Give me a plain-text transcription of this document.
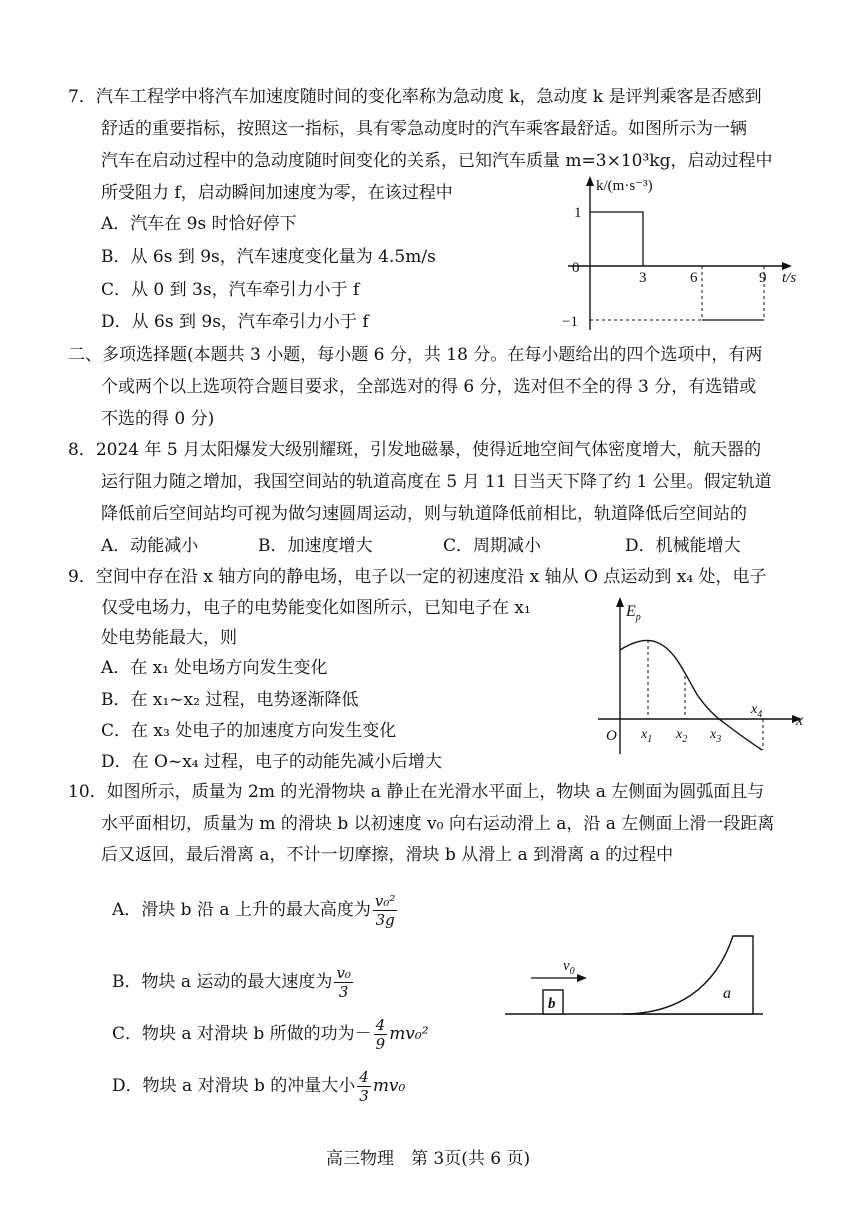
7．汽车工程学中将汽车加速度随时间的变化率称为急动度 k，急动度 k 是评判乘客是否感到
舒适的重要指标，按照这一指标，具有零急动度时的汽车乘客最舒适。如图所示为一辆
汽车在启动过程中的急动度随时间变化的关系，已知汽车质量 m=3×10³kg，启动过程中
所受阻力 f，启动瞬间加速度为零，在该过程中
A．汽车在 9s 时恰好停下
B．从 6s 到 9s，汽车速度变化量为 4.5m/s
C．从 0 到 3s，汽车牵引力小于 f
D．从 6s 到 9s，汽车牵引力小于 f
k/(m·s⁻³)
t/s
1
0
−1
3	6	9
二、多项选择题(本题共 3 小题，每小题 6 分，共 18 分。在每小题给出的四个选项中，有两
个或两个以上选项符合题目要求，全部选对的得 6 分，选对但不全的得 3 分，有选错或
不选的得 0 分)
8．2024 年 5 月太阳爆发大级别耀斑，引发地磁暴，使得近地空间气体密度增大，航天器的
运行阻力随之增加，我国空间站的轨道高度在 5 月 11 日当天下降了约 1 公里。假定轨道
降低前后空间站均可视为做匀速圆周运动，则与轨道降低前相比，轨道降低后空间站的
A．动能减小	B．加速度增大	C．周期减小	D．机械能增大
9．空间中存在沿 x 轴方向的静电场，电子以一定的初速度沿 x 轴从 O 点运动到 x₄ 处，电子
仅受电场力，电子的电势能变化如图所示，已知电子在 x₁
处电势能最大，则
A．在 x₁ 处电场方向发生变化
B．在 x₁~x₂ 过程，电势逐渐降低
C．在 x₃ 处电子的加速度方向发生变化
D．在 O~x₄ 过程，电子的动能先减小后增大
$E_p$
x
O $x_1$ $x_2$ $x_3$
$x_4$
10．如图所示，质量为 2m 的光滑物块 a 静止在光滑水平面上，物块 a 左侧面为圆弧面且与
水平面相切，质量为 m 的滑块 b 以初速度 v₀ 向右运动滑上 a，沿 a 左侧面上滑一段距离
后又返回，最后滑离 a，不计一切摩擦，滑块 b 从滑上 a 到滑离 a 的过程中
A．滑块 b 沿 a 上升的最大高度为 $\frac{\text{v₀²}}{3g}$
B．物块 a 运动的最大速度为 $\frac{\text{v₀}}{3}$
C．物块 a 对滑块 b 所做的功为－ $\frac{4}{9} mv_0^2$
D．物块 a 对滑块 b 的冲量大小 $\frac{4}{3} mv_0$
b
$v_0$
a
高三物理　第 3页(共 6 页)
